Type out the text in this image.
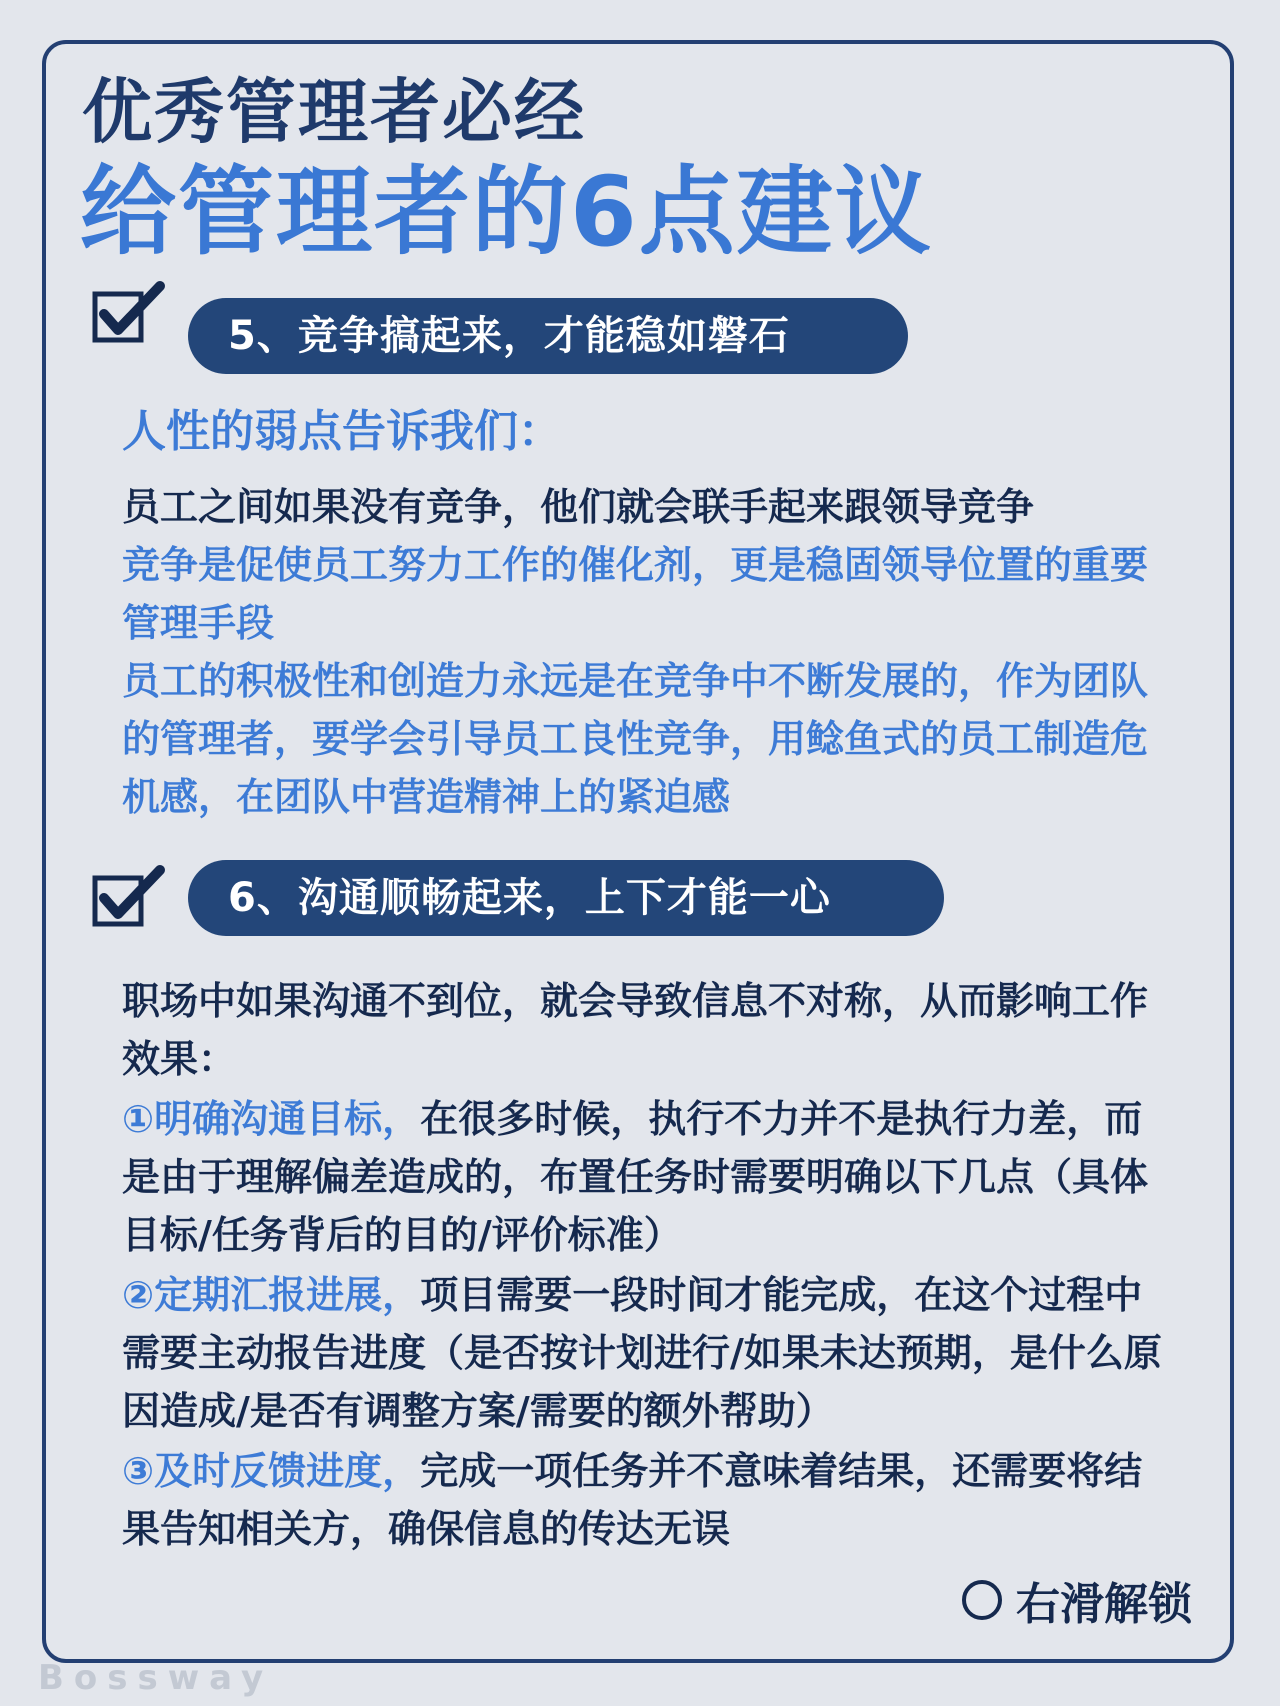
优秀管理者必经
给管理者的6点建议
5、竞争搞起来，才能稳如磐石
人性的弱点告诉我们：

员工之间如果没有竞争，他们就会联手起来跟领导竞争

竞争是促使员工努力工作的催化剂，更是稳固领导位置的重要管理手段

员工的积极性和创造力永远是在竞争中不断发展的，作为团队的管理者，要学会引导员工良性竞争，用鲶鱼式的员工制造危机感，在团队中营造精神上的紧迫感

6、沟通顺畅起来，上下才能一心

职场中如果沟通不到位，就会导致信息不对称，从而影响工作效果：

①明确沟通目标，在很多时候，执行不力并不是执行力差，而是由于理解偏差造成的，布置任务时需要明确以下几点（具体目标/任务背后的目的/评价标准）

②定期汇报进展，项目需要一段时间才能完成，在这个过程中需要主动报告进度（是否按计划进行/如果未达预期，是什么原因造成/是否有调整方案/需要的额外帮助）

③及时反馈进度，完成一项任务并不意味着结果，还需要将结果告知相关方，确保信息的传达无误

右滑解锁
Bossway
